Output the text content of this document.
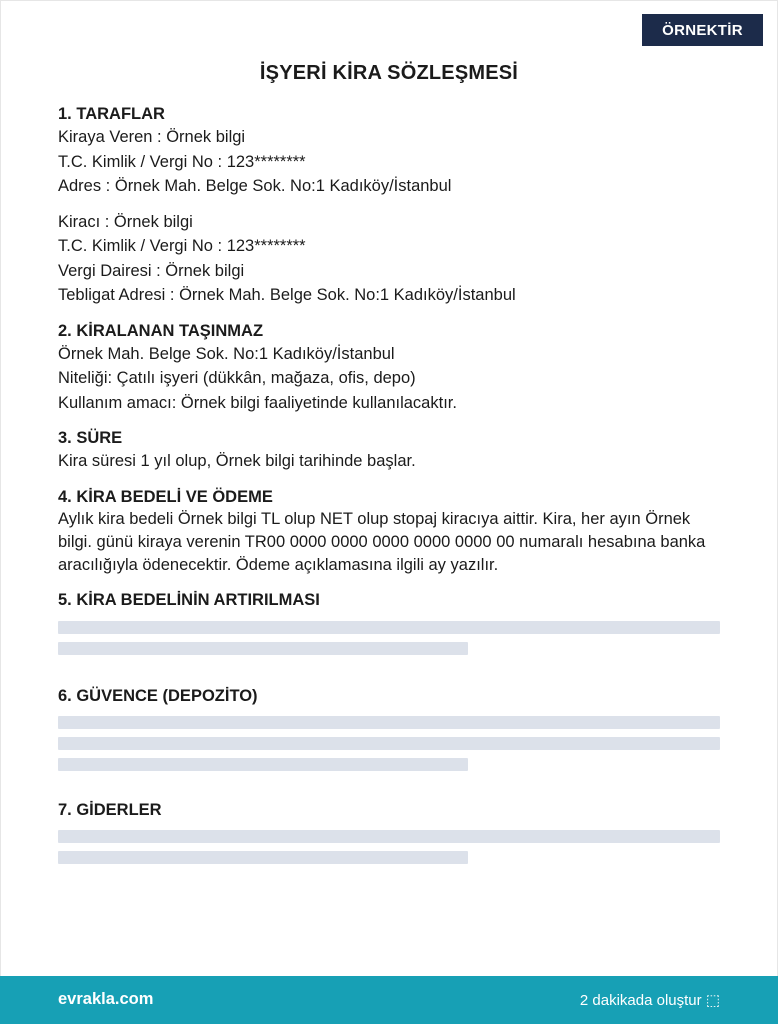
ÖRNEKTİR
İŞYERİ KİRA SÖZLEŞMESİ

1. TARAFLAR

Kiraya Veren : Örnek bilgi

T.C. Kimlik / Vergi No : 123********

Adres : Örnek Mah. Belge Sok. No:1 Kadıköy/İstanbul

Kiracı : Örnek bilgi

T.C. Kimlik / Vergi No : 123********

Vergi Dairesi : Örnek bilgi

Tebligat Adresi : Örnek Mah. Belge Sok. No:1 Kadıköy/İstanbul

2. KİRALANAN TAŞINMAZ

Örnek Mah. Belge Sok. No:1 Kadıköy/İstanbul

Niteliği: Çatılı işyeri (dükkân, mağaza, ofis, depo)

Kullanım amacı: Örnek bilgi faaliyetinde kullanılacaktır.

3. SÜRE

Kira süresi 1 yıl olup, Örnek bilgi tarihinde başlar.

4. KİRA BEDELİ VE ÖDEME

Aylık kira bedeli Örnek bilgi TL olup NET olup stopaj kiracıya aittir. Kira, her ayın Örnek bilgi. günü kiraya verenin TR00 0000 0000 0000 0000 0000 00 numaralı hesabına banka aracılığıyla ödenecektir. Ödeme açıklamasına ilgili ay yazılır.

5. KİRA BEDELİNİN ARTIRILMASI

6. GÜVENCE (DEPOZİTO)

7. GİDERLER

evrakla.com	2 dakikada oluştur ⬚
